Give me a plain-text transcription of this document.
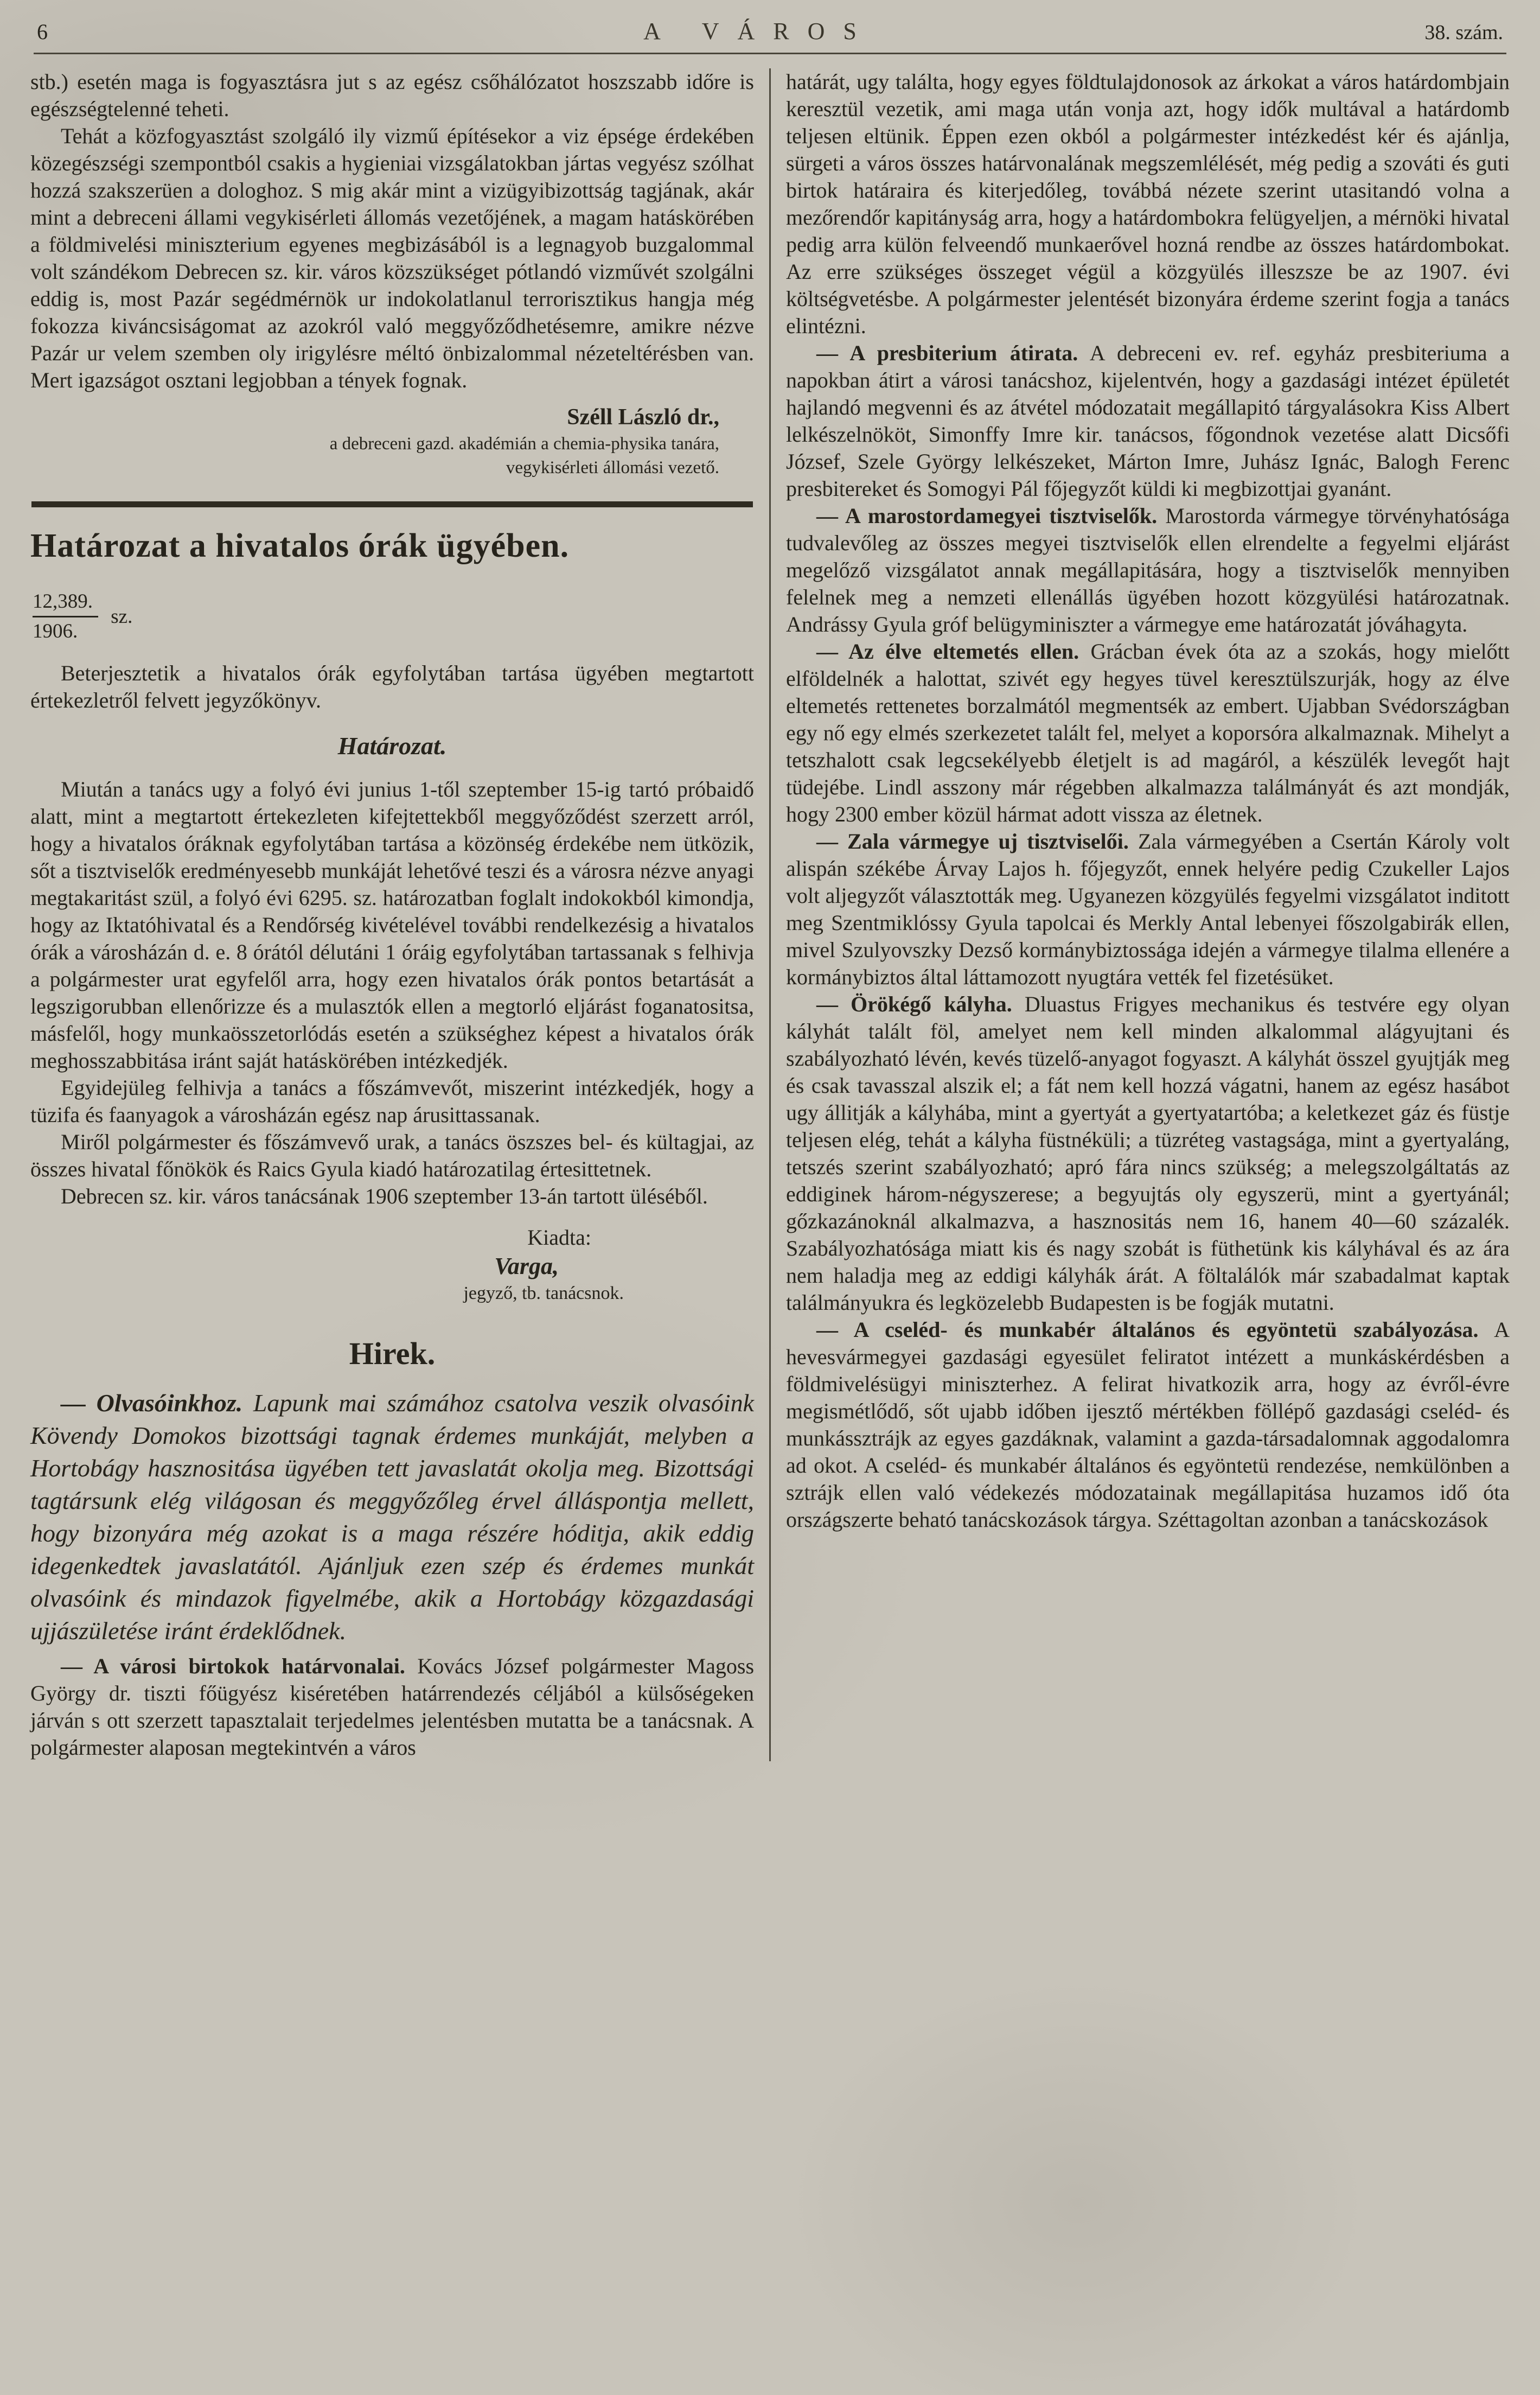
6	A VÁROS	38. szám.

stb.) esetén maga is fogyasztásra jut s az egész csőhálózatot hoszszabb időre is egészségtelenné teheti.

Tehát a közfogyasztást szolgáló ily vizmű építésekor a viz épsége érdekében közegészségi szempontból csakis a hygieniai vizsgálatokban jártas vegyész szólhat hozzá szakszerüen a dologhoz. S mig akár mint a vizügyibizottság tagjának, akár mint a debreceni állami vegykisérleti állomás vezetőjének, a magam hatáskörében a földmivelési miniszterium egyenes megbizásából is a legnagyob buzgalommal volt szándékom Debrecen sz. kir. város közszükséget pótlandó vizművét szolgálni eddig is, most Pazár segédmérnök ur indokolatlanul terrorisztikus hangja még fokozza kiváncsiságomat az azokról való meggyőződhetésemre, amikre nézve Pazár ur velem szemben oly irigylésre méltó önbizalommal nézeteltérésben van. Mert igazságot osztani legjobban a tények fognak.

Széll László dr.,
a debreceni gazd. akadémián a chemia-physika tanára,
vegykisérleti állomási vezető.
Határozat a hivatalos órák ügyében.
$\frac{12,389.}{1906.}$ sz.

Beterjesztetik a hivatalos órák egyfolytában tartása ügyében megtartott értekezletről felvett jegyzőkönyv.

Határozat.

Miután a tanács ugy a folyó évi junius 1-től szeptember 15-ig tartó próbaidő alatt, mint a megtartott értekezleten kifejtettekből meggyőződést szerzett arról, hogy a hivatalos óráknak egyfolytában tartása a közönség érdekébe nem ütközik, sőt a tisztviselők eredményesebb munkáját lehetővé teszi és a városra nézve anyagi megtakaritást szül, a folyó évi 6295. sz. határozatban foglalt indokokból kimondja, hogy az Iktatóhivatal és a Rendőrség kivételével további rendelkezésig a hivatalos órák a városházán d. e. 8 órától délutáni 1 óráig egyfolytában tartassanak s felhivja a polgármester urat egyfelől arra, hogy ezen hivatalos órák pontos betartását a legszigorubban ellenőrizze és a mulasztók ellen a megtorló eljárást foganatositsa, másfelől, hogy munkaösszetorlódás esetén a szükséghez képest a hivatalos órák meghosszabbitása iránt saját hatáskörében intézkedjék.

Egyidejüleg felhivja a tanács a főszámvevőt, miszerint intézkedjék, hogy a tüzifa és faanyagok a városházán egész nap árusittassanak.

Miről polgármester és főszámvevő urak, a tanács öszszes bel- és kültagjai, az összes hivatal főnökök és Raics Gyula kiadó határozatilag értesittetnek.

Debrecen sz. kir. város tanácsának 1906 szeptember 13-án tartott üléséből.

Kiadta:
Varga,
jegyző, tb. tanácsnok.
Hirek.

— Olvasóinkhoz. Lapunk mai számához csatolva veszik olvasóink Kövendy Domokos bizottsági tagnak érdemes munkáját, melyben a Hortobágy hasznositása ügyében tett javaslatát okolja meg. Bizottsági tagtársunk elég világosan és meggyőzőleg érvel álláspontja mellett, hogy bizonyára még azokat is a maga részére hóditja, akik eddig idegenkedtek javaslatától. Ajánljuk ezen szép és érdemes munkát olvasóink és mindazok figyelmébe, akik a Hortobágy közgazdasági ujjászületése iránt érdeklődnek.

— A városi birtokok határvonalai. Kovács József polgármester Magoss György dr. tiszti főügyész kiséretében határrendezés céljából a külsőségeken járván s ott szerzett tapasztalait terjedelmes jelentésben mutatta be a tanácsnak. A polgármester alaposan megtekintvén a város

határát, ugy találta, hogy egyes földtulajdonosok az árkokat a város határdombjain keresztül vezetik, ami maga után vonja azt, hogy idők multával a határdomb teljesen eltünik. Éppen ezen okból a polgármester intézkedést kér és ajánlja, sürgeti a város összes határvonalának megszemlélését, még pedig a szováti és guti birtok határaira és kiterjedőleg, továbbá nézete szerint utasitandó volna a mezőrendőr kapitányság arra, hogy a határdombokra felügyeljen, a mérnöki hivatal pedig arra külön felveendő munkaerővel hozná rendbe az összes határdombokat. Az erre szükséges összeget végül a közgyülés illeszsze be az 1907. évi költségvetésbe. A polgármester jelentését bizonyára érdeme szerint fogja a tanács elintézni.

— A presbiterium átirata. A debreceni ev. ref. egyház presbiteriuma a napokban átirt a városi tanácshoz, kijelentvén, hogy a gazdasági intézet épületét hajlandó megvenni és az átvétel módozatait megállapitó tárgyalásokra Kiss Albert lelkészelnököt, Simonffy Imre kir. tanácsos, főgondnok vezetése alatt Dicsőfi József, Szele György lelkészeket, Márton Imre, Juhász Ignác, Balogh Ferenc presbitereket és Somogyi Pál főjegyzőt küldi ki megbizottjai gyanánt.

— A marostordamegyei tisztviselők. Marostorda vármegye törvényhatósága tudvalevőleg az összes megyei tisztviselők ellen elrendelte a fegyelmi eljárást megelőző vizsgálatot annak megállapitására, hogy a tisztviselők mennyiben felelnek meg a nemzeti ellenállás ügyében hozott közgyülési határozatnak. Andrássy Gyula gróf belügyminiszter a vármegye eme határozatát jóváhagyta.

— Az élve eltemetés ellen. Grácban évek óta az a szokás, hogy mielőtt elföldelnék a halottat, szivét egy hegyes tüvel keresztülszurják, hogy az élve eltemetés rettenetes borzalmától megmentsék az embert. Ujabban Svédországban egy nő egy elmés szerkezetet talált fel, melyet a koporsóra alkalmaznak. Mihelyt a tetszhalott csak legcsekélyebb életjelt is ad magáról, a készülék levegőt hajt tüdejébe. Lindl asszony már régebben alkalmazza találmányát és azt mondják, hogy 2300 ember közül hármat adott vissza az életnek.

— Zala vármegye uj tisztviselői. Zala vármegyében a Csertán Károly volt alispán székébe Árvay Lajos h. főjegyzőt, ennek helyére pedig Czukeller Lajos volt aljegyzőt választották meg. Ugyanezen közgyülés fegyelmi vizsgálatot inditott meg Szentmiklóssy Gyula tapolcai és Merkly Antal lebenyei főszolgabirák ellen, mivel Szulyovszky Dezső kormánybiztossága idején a vármegye tilalma ellenére a kormánybiztos által láttamozott nyugtára vették fel fizetésüket.

— Örökégő kályha. Dluastus Frigyes mechanikus és testvére egy olyan kályhát talált föl, amelyet nem kell minden alkalommal alágyujtani és szabályozható lévén, kevés tüzelő-anyagot fogyaszt. A kályhát összel gyujtják meg és csak tavasszal alszik el; a fát nem kell hozzá vágatni, hanem az egész hasábot ugy állitják a kályhába, mint a gyertyát a gyertyatartóba; a keletkezet gáz és füstje teljesen elég, tehát a kályha füstnéküli; a tüzréteg vastagsága, mint a gyertyaláng, tetszés szerint szabályozható; apró fára nincs szükség; a melegszolgáltatás az eddiginek három-négyszerese; a begyujtás oly egyszerü, mint a gyertyánál; gőzkazánoknál alkalmazva, a hasznositás nem 16, hanem 40—60 százalék. Szabályozhatósága miatt kis és nagy szobát is füthetünk kis kályhával és az ára nem haladja meg az eddigi kályhák árát. A föltalálók már szabadalmat kaptak találmányukra és legközelebb Budapesten is be fogják mutatni.

— A cseléd- és munkabér általános és egyöntetü szabályozása. A hevesvármegyei gazdasági egyesület feliratot intézett a munkáskérdésben a földmivelésügyi miniszterhez. A felirat hivatkozik arra, hogy az évről-évre megismétlődő, sőt ujabb időben ijesztő mértékben föllépő gazdasági cseléd- és munkássztrájk az egyes gazdáknak, valamint a gazda-társadalomnak aggodalomra ad okot. A cseléd- és munkabér általános és egyöntetü rendezése, nemkülönben a sztrájk ellen való védekezés módozatainak megállapitása huzamos idő óta országszerte beható tanácskozások tárgya. Széttagoltan azonban a tanácskozások
